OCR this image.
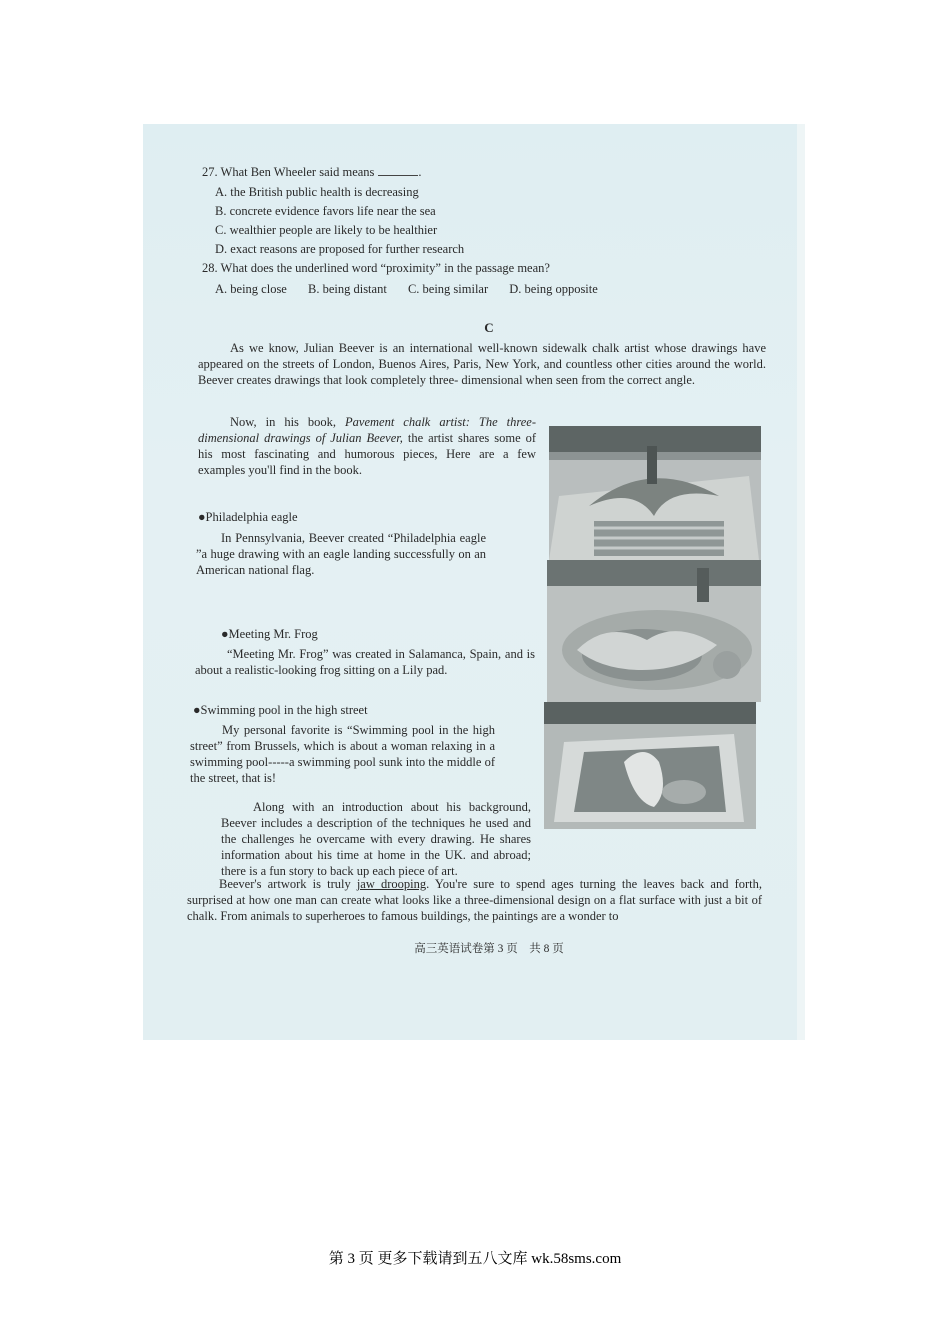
27. What Ben Wheeler said means	.
A. the British public health is decreasing
B. concrete evidence favors life near the sea
C. wealthier people are likely to be healthier
D. exact reasons are proposed for further research
28. What does the underlined word “proximity” in the passage mean?
A. being close B. being distant C. being similar D. being opposite
C
As we know, Julian Beever is an international well-known sidewalk chalk artist whose drawings have appeared on the streets of London, Buenos Aires, Paris, New York, and countless other cities around the world. Beever creates drawings that look completely three- dimensional when seen from the correct angle.
Now, in his book, Pavement chalk artist: The three-dimensional drawings of Julian Beever, the artist shares some of his most fascinating and humorous pieces, Here are a few examples you'll find in the book.
●Philadelphia eagle
In Pennsylvania, Beever created “Philadelphia eagle ”a huge drawing with an eagle landing successfully on an American national flag.
●Meeting Mr. Frog
“Meeting Mr. Frog” was created in Salamanca, Spain, and is about a realistic-looking frog sitting on a Lily pad.
●Swimming pool in the high street
My personal favorite is “Swimming pool in the high street” from Brussels, which is about a woman relaxing in a swimming pool-----a swimming pool sunk into the middle of the street, that is!
Along with an introduction about his background, Beever includes a description of the techniques he used and the challenges he overcame with every drawing. He shares information about his time at home in the UK. and abroad; there is a fun story to back up each piece of art.
Beever's artwork is truly jaw drooping. You're sure to spend ages turning the leaves back and forth, surprised at how one man can create what looks like a three-dimensional design on a flat surface with just a bit of chalk. From animals to superheroes to famous buildings, the paintings are a wonder to
高三英语试卷第 3 页　共 8 页
第 3 页 更多下载请到五八文库 wk.58sms.com
